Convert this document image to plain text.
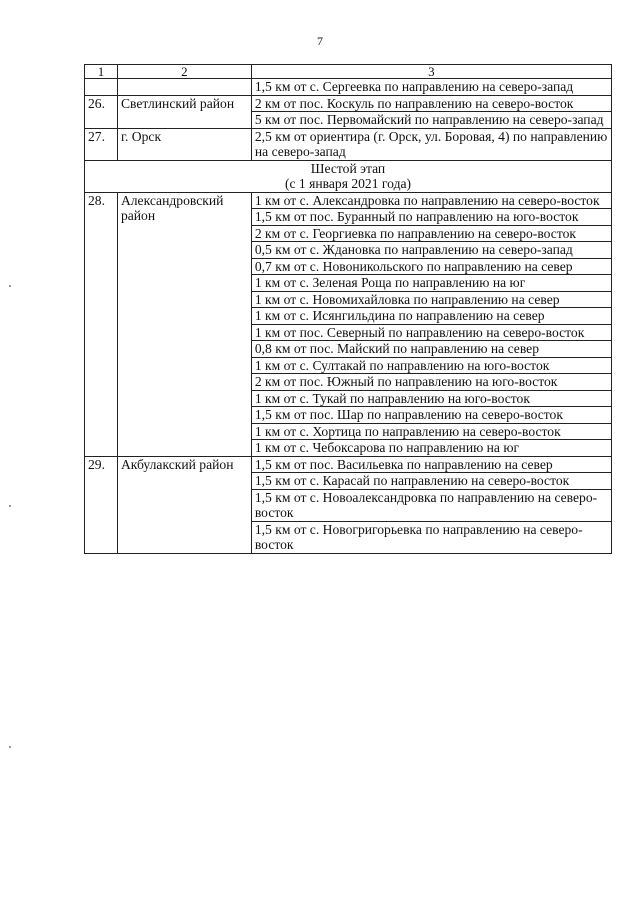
7
1	2	3
		1,5 км от с. Сергеевка по направлению на северо-запад
26.	Светлинский район	2 км от пос. Коскуль по направлению на северо-восток
		5 км от пос. Первомайский по направлению на северо-запад
27.	г. Орск	2,5 км от ориентира (г. Орск, ул. Боровая, 4) по направлению на северо-запад

Шестой этап
(с 1 января 2021 года)		

28.	Александровский район	1 км от с. Александровка по направлению на северо-восток
		1,5 км от пос. Буранный по направлению на юго-восток
		2 км от с. Георгиевка по направлению на северо-восток
		0,5 км от с. Ждановка по направлению на северо-запад
		0,7 км от с. Новоникольского по направлению на север
		1 км от с. Зеленая Роща по направлению на юг
		1 км от с. Новомихайловка по направлению на север
		1 км от с. Исянгильдина по направлению на север
		1 км от пос. Северный по направлению на северо-восток
		0,8 км от пос. Майский по направлению на север
		1 км от с. Султакай по направлению на юго-восток
		2 км от пос. Южный по направлению на юго-восток
		1 км от с. Тукай по направлению на юго-восток
		1,5 км от пос. Шар по направлению на северо-восток
		1 км от с. Хортица по направлению на северо-восток
		1 км от с. Чебоксарова по направлению на юг
29.	Акбулакский район	1,5 км от пос. Васильевка по направлению на север
		1,5 км от с. Карасай по направлению на северо-восток
		1,5 км от с. Новоалександровка по направлению на северо-восток
		1,5 км от с. Новогригорьевка по направлению на северо-восток
